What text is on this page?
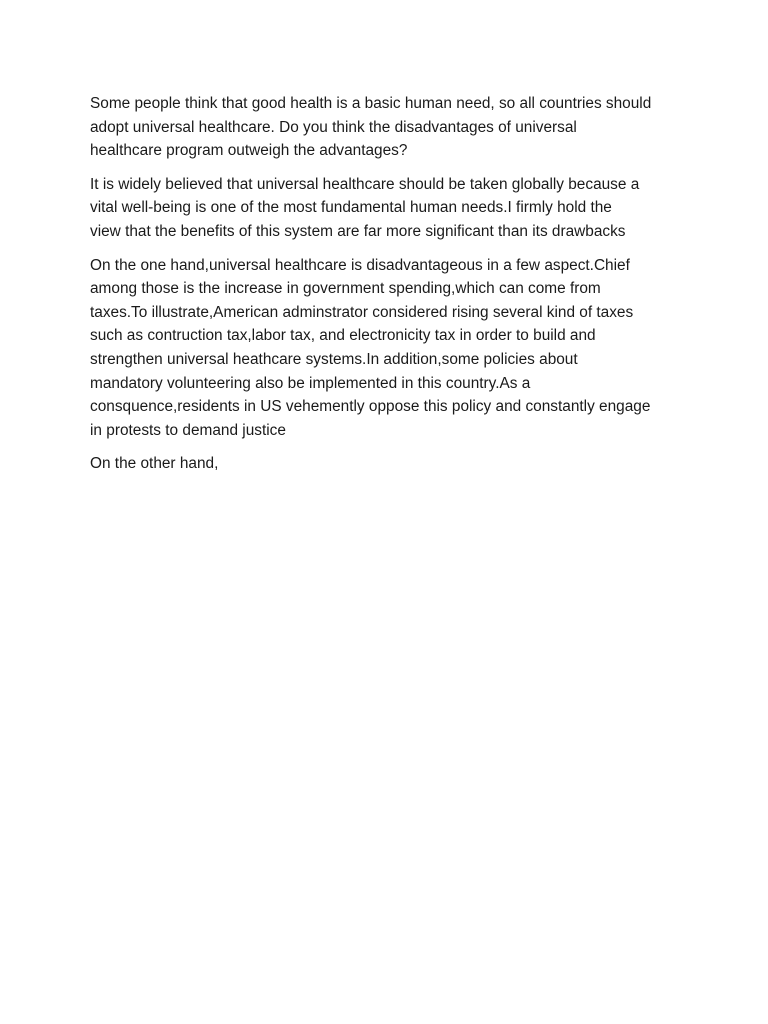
Some people think that good health is a basic human need, so all countries should
adopt universal healthcare. Do you think the disadvantages of universal
healthcare program outweigh the advantages?

It is widely believed that universal healthcare should be taken globally because a
vital well-being is one of the most fundamental human needs.I firmly hold the
view that the benefits of this system are far more significant than its drawbacks

On the one hand,universal healthcare is disadvantageous in a few aspect.Chief
among those is the increase in government spending,which can come from
taxes.To illustrate,American adminstrator considered rising several kind of taxes
such as contruction tax,labor tax, and electronicity tax in order to build and
strengthen universal heathcare systems.In addition,some policies about
mandatory volunteering also be implemented in this country.As a
consquence,residents in US vehemently oppose this policy and constantly engage
in protests to demand justice

On the other hand,
